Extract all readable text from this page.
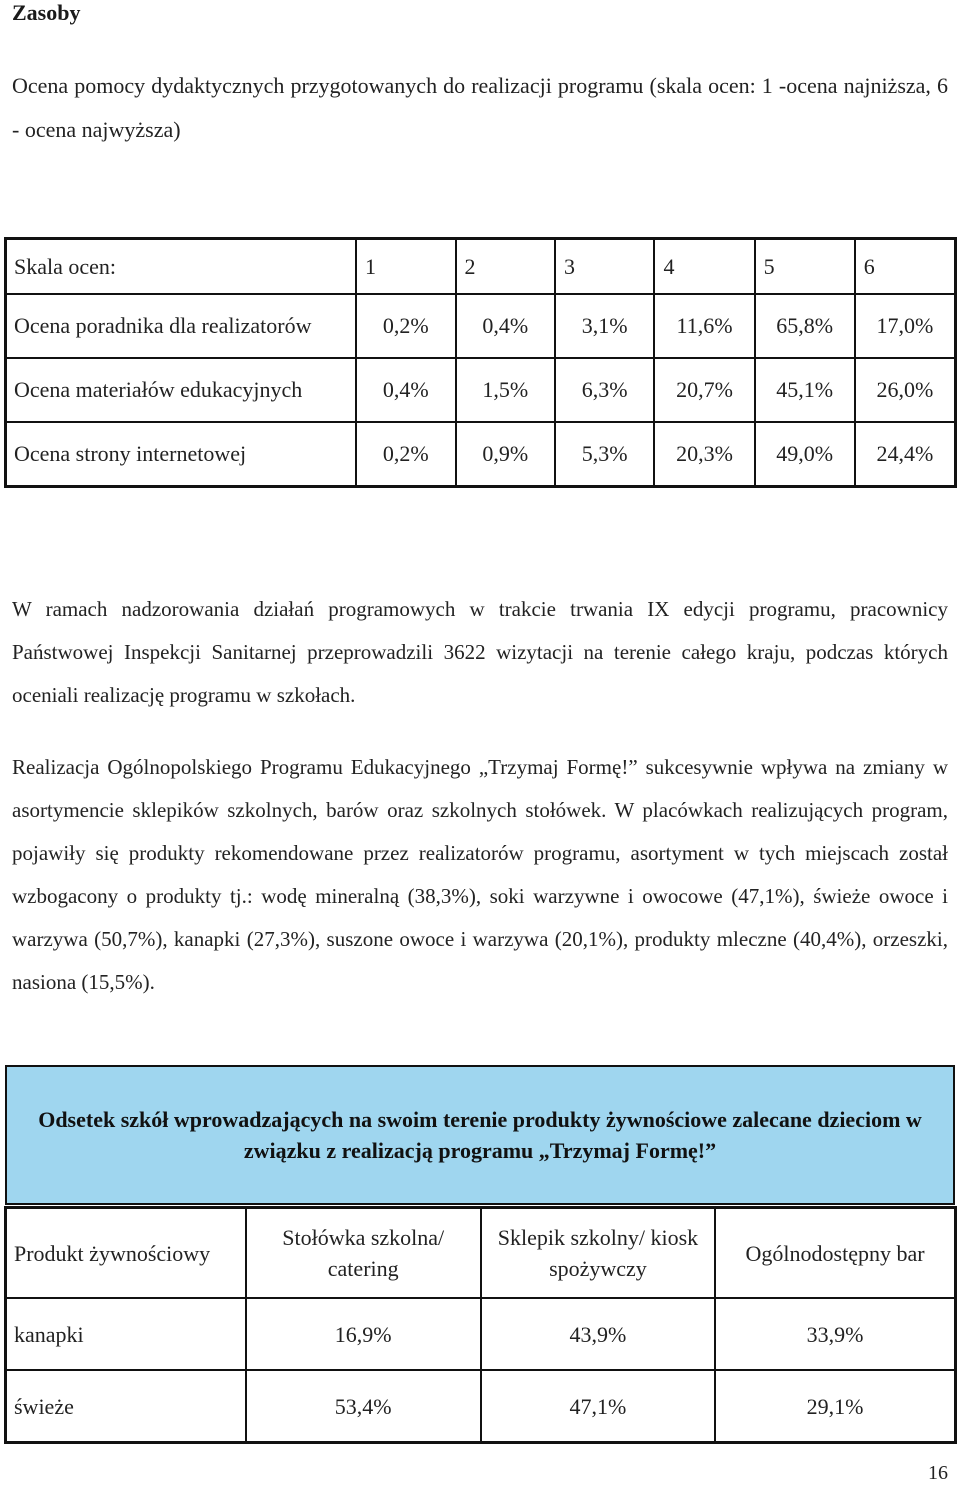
Zasoby
Ocena pomocy dydaktycznych przygotowanych do realizacji programu (skala ocen: 1 -ocena najniższa, 6 - ocena najwyższa)
Skala ocen:	1	2	3	4	5	6
Ocena poradnika dla realizatorów	0,2%	0,4%	3,1%	11,6%	65,8%	17,0%
Ocena materiałów edukacyjnych	0,4%	1,5%	6,3%	20,7%	45,1%	26,0%
Ocena strony internetowej	0,2%	0,9%	5,3%	20,3%	49,0%	24,4%
W ramach nadzorowania działań programowych w trakcie trwania IX edycji programu, pracownicy Państwowej Inspekcji Sanitarnej przeprowadzili 3622 wizytacji na terenie całego kraju, podczas których oceniali realizację programu w szkołach.
Realizacja Ogólnopolskiego Programu Edukacyjnego „Trzymaj Formę!” sukcesywnie wpływa na zmiany w asortymencie sklepików szkolnych, barów oraz szkolnych stołówek. W placówkach realizujących program, pojawiły się produkty rekomendowane przez realizatorów programu, asortyment w tych miejscach został wzbogacony o produkty tj.: wodę mineralną (38,3%), soki warzywne i owocowe (47,1%), świeże owoce i warzywa (50,7%), kanapki (27,3%), suszone owoce i warzywa (20,1%), produkty mleczne (40,4%), orzeszki, nasiona (15,5%).
Odsetek szkół wprowadzających na swoim terenie produkty żywnościowe zalecane dzieciom w związku z realizacją programu „Trzymaj Formę!”
Produkt żywnościowy	Stołówka szkolna/ catering	Sklepik szkolny/ kiosk spożywczy	Ogólnodostępny bar
kanapki	16,9%	43,9%	33,9%
świeże	53,4%	47,1%	29,1%
16
